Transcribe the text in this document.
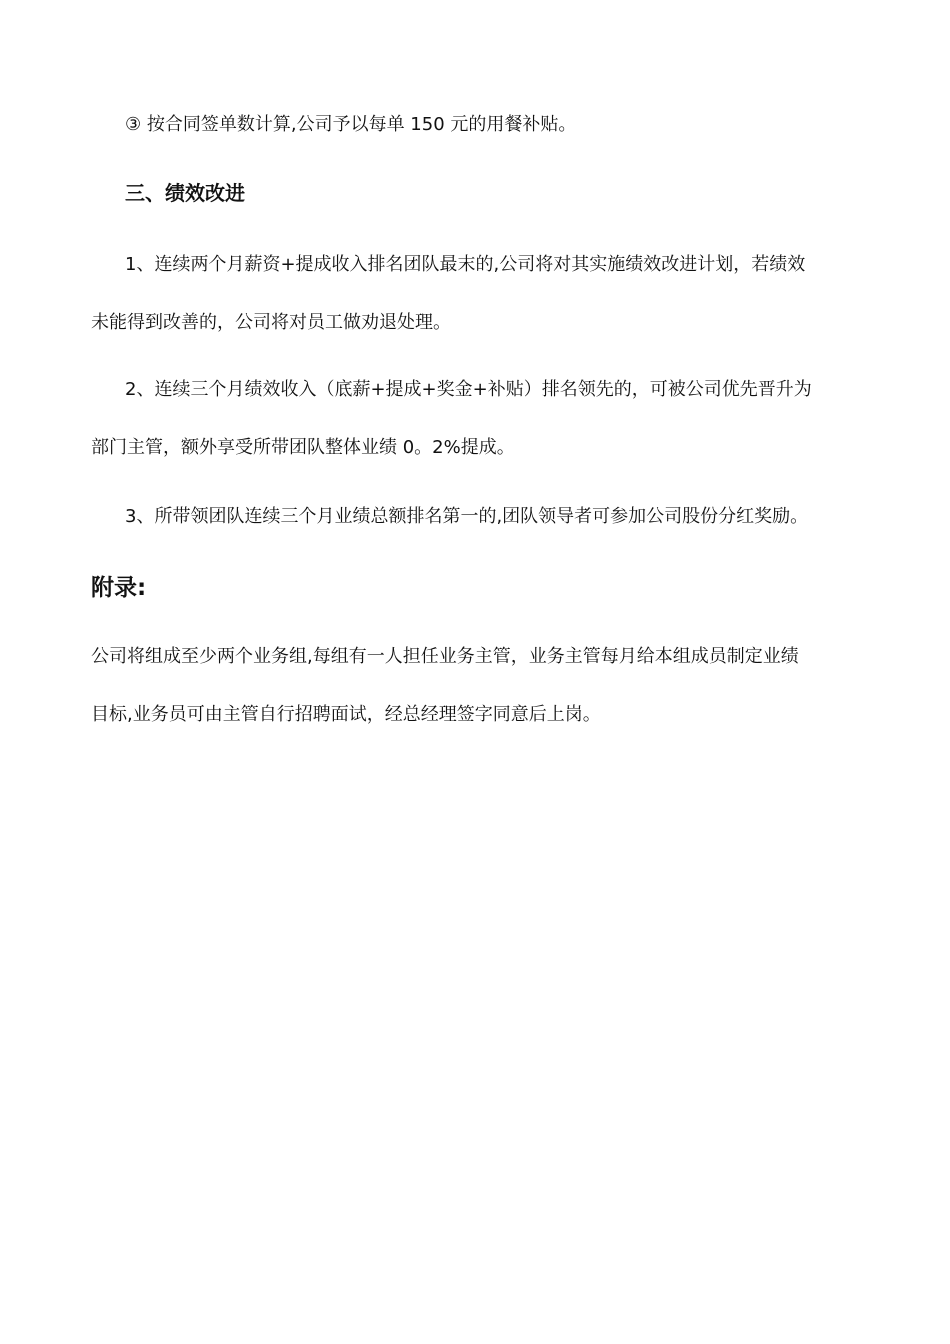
③ 按合同签单数计算,公司予以每单 150 元的用餐补贴。
三、绩效改进
1、连续两个月薪资+提成收入排名团队最末的,公司将对其实施绩效改进计划，若绩效
未能得到改善的，公司将对员工做劝退处理。
2、连续三个月绩效收入（底薪+提成+奖金+补贴）排名领先的，可被公司优先晋升为
部门主管，额外享受所带团队整体业绩 0。2%提成。
3、所带领团队连续三个月业绩总额排名第一的,团队领导者可参加公司股份分红奖励。
附录:
公司将组成至少两个业务组,每组有一人担任业务主管，业务主管每月给本组成员制定业绩
目标,业务员可由主管自行招聘面试，经总经理签字同意后上岗。
